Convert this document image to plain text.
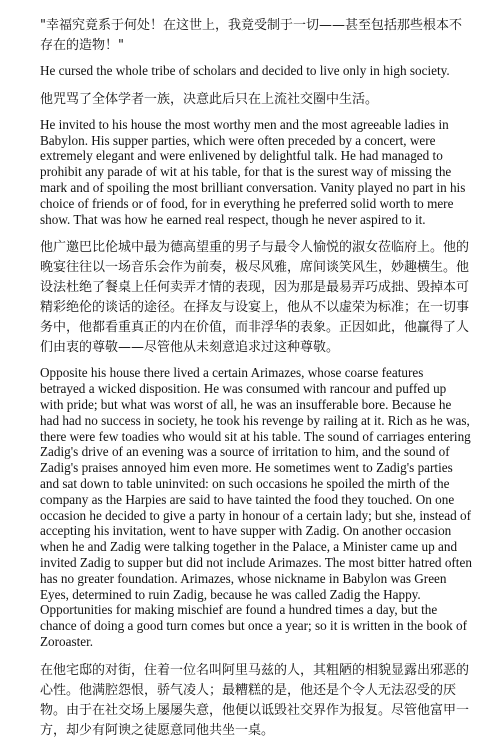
"幸福究竟系于何处！在这世上，我竟受制于一切——甚至包括那些根本不存在的造物！"

He cursed the whole tribe of scholars and decided to live only in high society.

他咒骂了全体学者一族，决意此后只在上流社交圈中生活。

He invited to his house the most worthy men and the most agreeable ladies in Babylon. His supper parties, which were often preceded by a concert, were extremely elegant and were enlivened by delightful talk. He had managed to prohibit any parade of wit at his table, for that is the surest way of missing the mark and of spoiling the most brilliant conversation. Vanity played no part in his choice of friends or of food, for in everything he preferred solid worth to mere show. That was how he earned real respect, though he never aspired to it.

他广邀巴比伦城中最为德高望重的男子与最令人愉悦的淑女莅临府上。他的晚宴往往以一场音乐会作为前奏，极尽风雅，席间谈笑风生，妙趣横生。他设法杜绝了餐桌上任何卖弄才情的表现，因为那是最易弄巧成拙、毁掉本可精彩绝伦的谈话的途径。在择友与设宴上，他从不以虚荣为标准；在一切事务中，他都看重真正的内在价值，而非浮华的表象。正因如此，他赢得了人们由衷的尊敬——尽管他从未刻意追求过这种尊敬。

Opposite his house there lived a certain Arimazes, whose coarse features betrayed a wicked disposition. He was consumed with rancour and puffed up with pride; but what was worst of all, he was an insufferable bore. Because he had had no success in society, he took his revenge by railing at it. Rich as he was, there were few toadies who would sit at his table. The sound of carriages entering Zadig's drive of an evening was a source of irritation to him, and the sound of Zadig's praises annoyed him even more. He sometimes went to Zadig's parties and sat down to table uninvited: on such occasions he spoiled the mirth of the company as the Harpies are said to have tainted the food they touched. On one occasion he decided to give a party in honour of a certain lady; but she, instead of accepting his invitation, went to have supper with Zadig. On another occasion when he and Zadig were talking together in the Palace, a Minister came up and invited Zadig to supper but did not include Arimazes. The most bitter hatred often has no greater foundation. Arimazes, whose nickname in Babylon was Green Eyes, determined to ruin Zadig, because he was called Zadig the Happy. Opportunities for making mischief are found a hundred times a day, but the chance of doing a good turn comes but once a year; so it is written in the book of Zoroaster.

在他宅邸的对街，住着一位名叫阿里马兹的人，其粗陋的相貌显露出邪恶的心性。他满腔怨恨，骄气凌人；最糟糕的是，他还是个令人无法忍受的厌物。由于在社交场上屡屡失意，他便以诋毁社交界作为报复。尽管他富甲一方，却少有阿谀之徒愿意同他共坐一桌。
